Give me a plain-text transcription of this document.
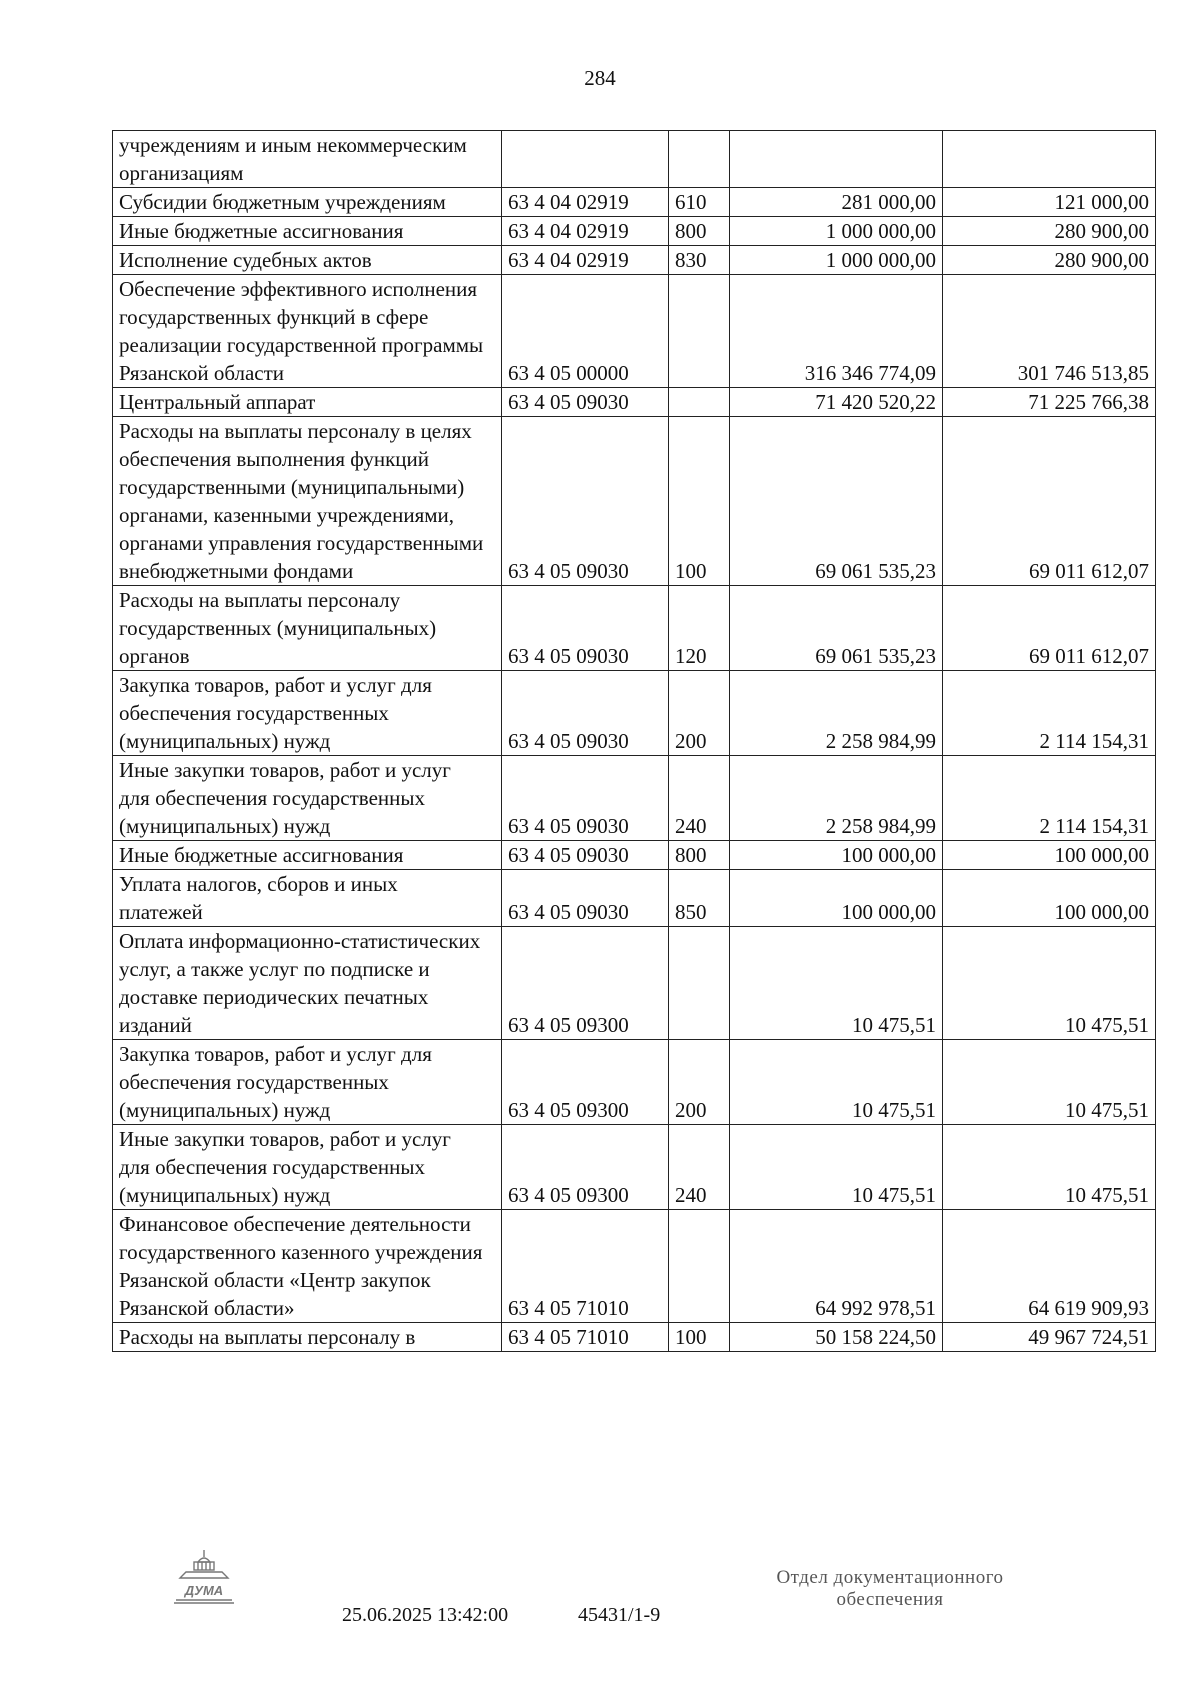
284
учреждениям и иным некоммерческим организациям				

Субсидии бюджетным учреждениям	63 4 04 02919	610	281 000,00	121 000,00

Иные бюджетные ассигнования	63 4 04 02919	800	1 000 000,00	280 900,00

Исполнение судебных актов	63 4 04 02919	830	1 000 000,00	280 900,00

Обеспечение эффективного исполнения государственных функций в сфере реализации государственной программы Рязанской области	63 4 05 00000		316 346 774,09	301 746 513,85

Центральный аппарат	63 4 05 09030		71 420 520,22	71 225 766,38

Расходы на выплаты персоналу в целях обеспечения выполнения функций государственными (муниципальными) органами, казенными учреждениями, органами управления государственными внебюджетными фондами	63 4 05 09030	100	69 061 535,23	69 011 612,07

Расходы на выплаты персоналу государственных (муниципальных) органов	63 4 05 09030	120	69 061 535,23	69 011 612,07

Закупка товаров, работ и услуг для обеспечения государственных (муниципальных) нужд	63 4 05 09030	200	2 258 984,99	2 114 154,31

Иные закупки товаров, работ и услуг для обеспечения государственных (муниципальных) нужд	63 4 05 09030	240	2 258 984,99	2 114 154,31

Иные бюджетные ассигнования	63 4 05 09030	800	100 000,00	100 000,00

Уплата налогов, сборов и иных платежей	63 4 05 09030	850	100 000,00	100 000,00

Оплата информационно-статистических услуг, а также услуг по подписке и доставке периодических печатных изданий	63 4 05 09300		10 475,51	10 475,51

Закупка товаров, работ и услуг для обеспечения государственных (муниципальных) нужд	63 4 05 09300	200	10 475,51	10 475,51

Иные закупки товаров, работ и услуг для обеспечения государственных (муниципальных) нужд	63 4 05 09300	240	10 475,51	10 475,51

Финансовое обеспечение деятельности государственного казенного учреждения Рязанской области «Центр закупок Рязанской области»	63 4 05 71010		64 992 978,51	64 619 909,93

Расходы на выплаты персоналу в	63 4 05 71010	100	50 158 224,50	49 967 724,51
ДУМА
25.06.2025 13:42:00	45431/1-9
Отдел документационного обеспечения
